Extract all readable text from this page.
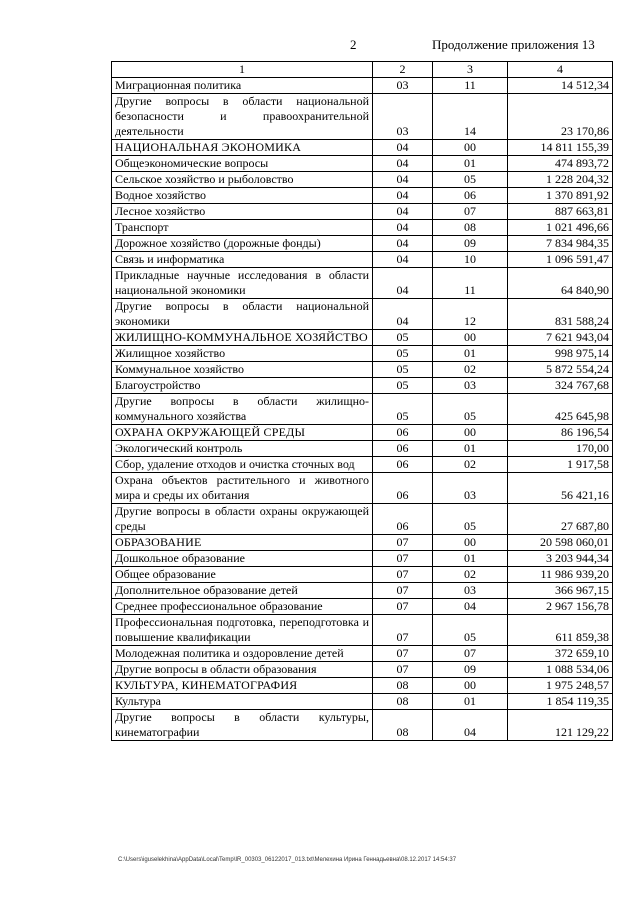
2	Продолжение приложения 13
1	2	3	4
Миграционная политика	03	11	14 512,34
Другие вопросы в области национальной безопасности и правоохранительной деятельности	03	14	23 170,86
НАЦИОНАЛЬНАЯ ЭКОНОМИКА	04	00	14 811 155,39
Общеэкономические вопросы	04	01	474 893,72
Сельское хозяйство и рыболовство	04	05	1 228 204,32
Водное хозяйство	04	06	1 370 891,92
Лесное хозяйство	04	07	887 663,81
Транспорт	04	08	1 021 496,66
Дорожное хозяйство (дорожные фонды)	04	09	7 834 984,35
Связь и информатика	04	10	1 096 591,47
Прикладные научные исследования в области национальной экономики	04	11	64 840,90
Другие вопросы в области национальной экономики	04	12	831 588,24
ЖИЛИЩНО-КОММУНАЛЬНОЕ ХОЗЯЙСТВО	05	00	7 621 943,04
Жилищное хозяйство	05	01	998 975,14
Коммунальное хозяйство	05	02	5 872 554,24
Благоустройство	05	03	324 767,68
Другие вопросы в области жилищно-коммунального хозяйства	05	05	425 645,98
ОХРАНА ОКРУЖАЮЩЕЙ СРЕДЫ	06	00	86 196,54
Экологический контроль	06	01	170,00
Сбор, удаление отходов и очистка сточных вод	06	02	1 917,58
Охрана объектов растительного и животного мира и среды их обитания	06	03	56 421,16
Другие вопросы в области охраны окружающей среды	06	05	27 687,80
ОБРАЗОВАНИЕ	07	00	20 598 060,01
Дошкольное образование	07	01	3 203 944,34
Общее образование	07	02	11 986 939,20
Дополнительное образование детей	07	03	366 967,15
Среднее профессиональное образование	07	04	2 967 156,78
Профессиональная подготовка, переподготовка и повышение квалификации	07	05	611 859,38
Молодежная политика и оздоровление детей	07	07	372 659,10
Другие вопросы в области образования	07	09	1 088 534,06
КУЛЬТУРА, КИНЕМАТОГРАФИЯ	08	00	1 975 248,57
Культура	08	01	1 854 119,35
Другие вопросы в области культуры, кинематографии	08	04	121 129,22
C:\Users\iguselekhina\AppData\Local\Temp\IR_00303_06122017_013.txt\Мелехина Ирина Геннадьевна\08.12.2017 14:54:37
